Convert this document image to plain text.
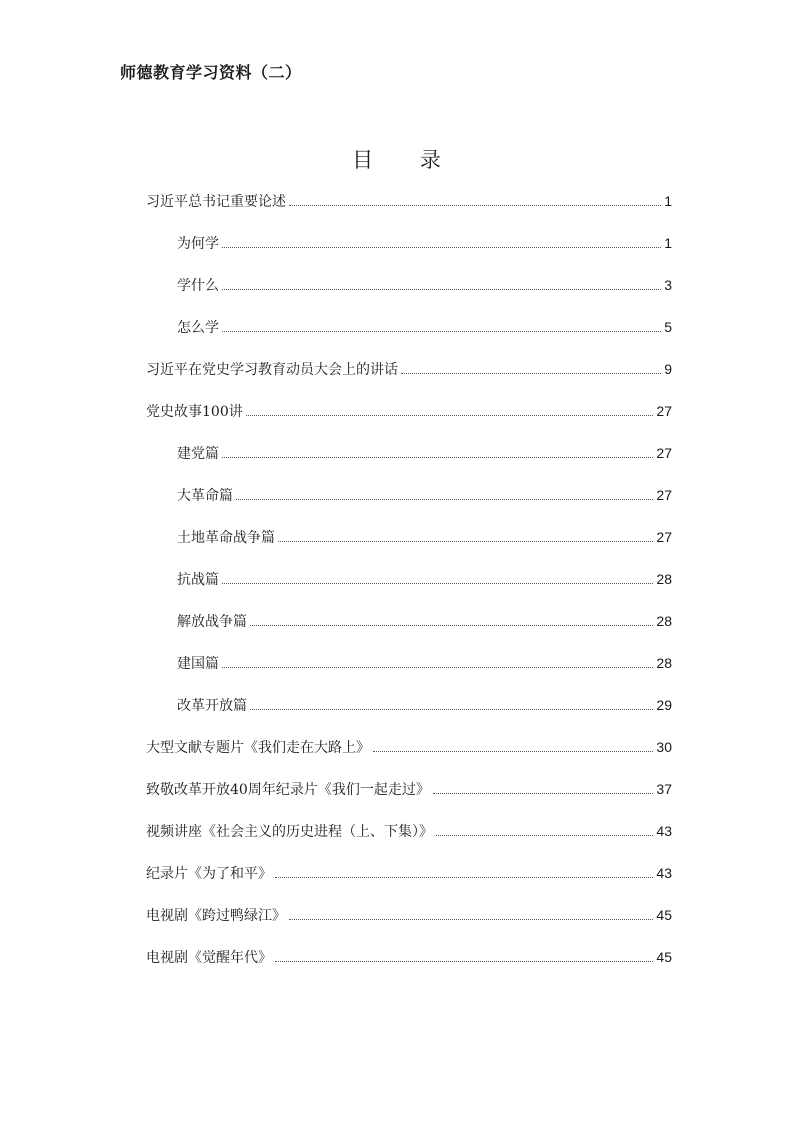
师德教育学习资料（二）
目 录
习近平总书记重要论述	1
为何学	1
学什么	3
怎么学	5
习近平在党史学习教育动员大会上的讲话	9
党史故事100讲	27
建党篇	27
大革命篇	27
土地革命战争篇	27
抗战篇	28
解放战争篇	28
建国篇	28
改革开放篇	29
大型文献专题片《我们走在大路上》	30
致敬改革开放40周年纪录片《我们一起走过》	37
视频讲座《社会主义的历史进程（上、下集）》	43
纪录片《为了和平》	43
电视剧《跨过鸭绿江》	45
电视剧《觉醒年代》	45
